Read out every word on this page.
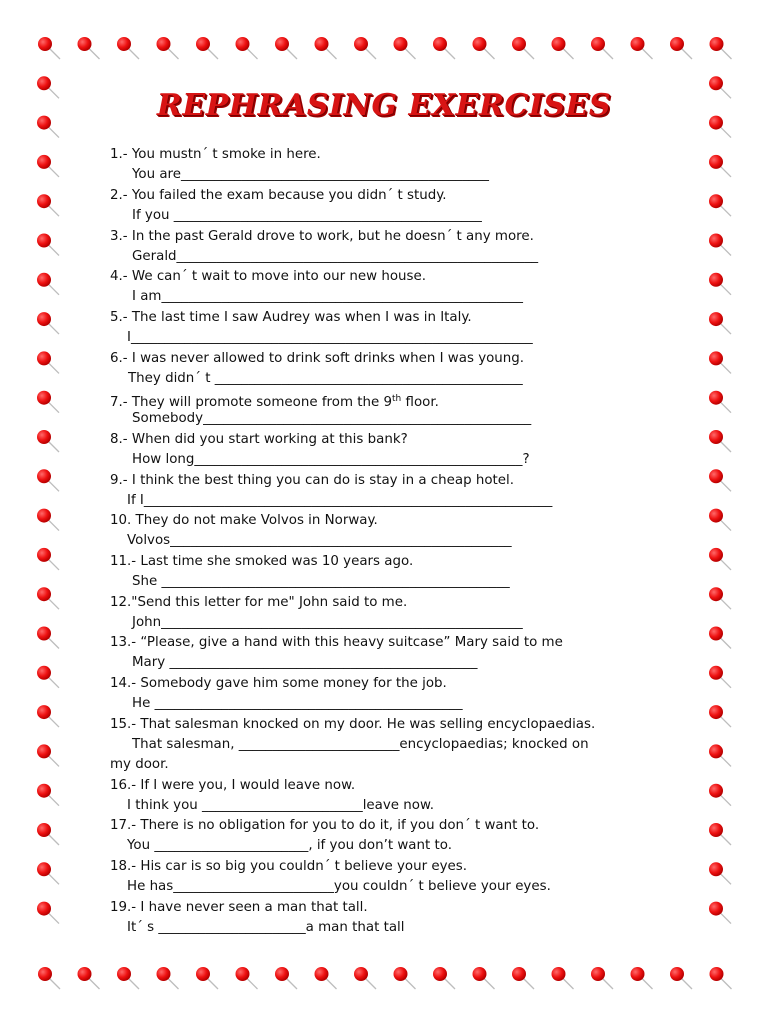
REPHRASING EXERCISES
1.- You mustn´ t smoke in here.
You are______________________________________________
2.- You failed the exam because you didn´ t study.
If you ______________________________________________
3.- In the past Gerald drove to work, but he doesn´ t any more.
Gerald______________________________________________________
4.- We can´ t wait to move into our new house.
I am______________________________________________________
5.- The last time I saw Audrey was when I was in Italy.
I____________________________________________________________
6.- I was never allowed to drink soft drinks when I was young.
They didn´ t ______________________________________________
7.- They will promote someone from the 9th floor.
Somebody_________________________________________________
8.- When did you start working at this bank?
How long_________________________________________________?
9.- I think the best thing you can do is stay in a cheap hotel.
If I_____________________________________________________________
10. They do not make Volvos in Norway.
Volvos___________________________________________________
11.- Last time she smoked was 10 years ago.
She ____________________________________________________
12."Send this letter for me" John said to me.
John______________________________________________________
13.- “Please, give a hand with this heavy suitcase” Mary said to me
Mary ______________________________________________
14.- Somebody gave him some money for the job.
He ______________________________________________
15.- That salesman knocked on my door. He was selling encyclopaedias.
That salesman, ________________________encyclopaedias; knocked on
my door.
16.- If I were you, I would leave now.
I think you ________________________leave now.
17.- There is no obligation for you to do it, if you don´ t want to.
You _______________________, if you don’t want to.
18.- His car is so big you couldn´ t believe your eyes.
He has________________________you couldn´ t believe your eyes.
19.- I have never seen a man that tall.
It´ s ______________________a man that tall
